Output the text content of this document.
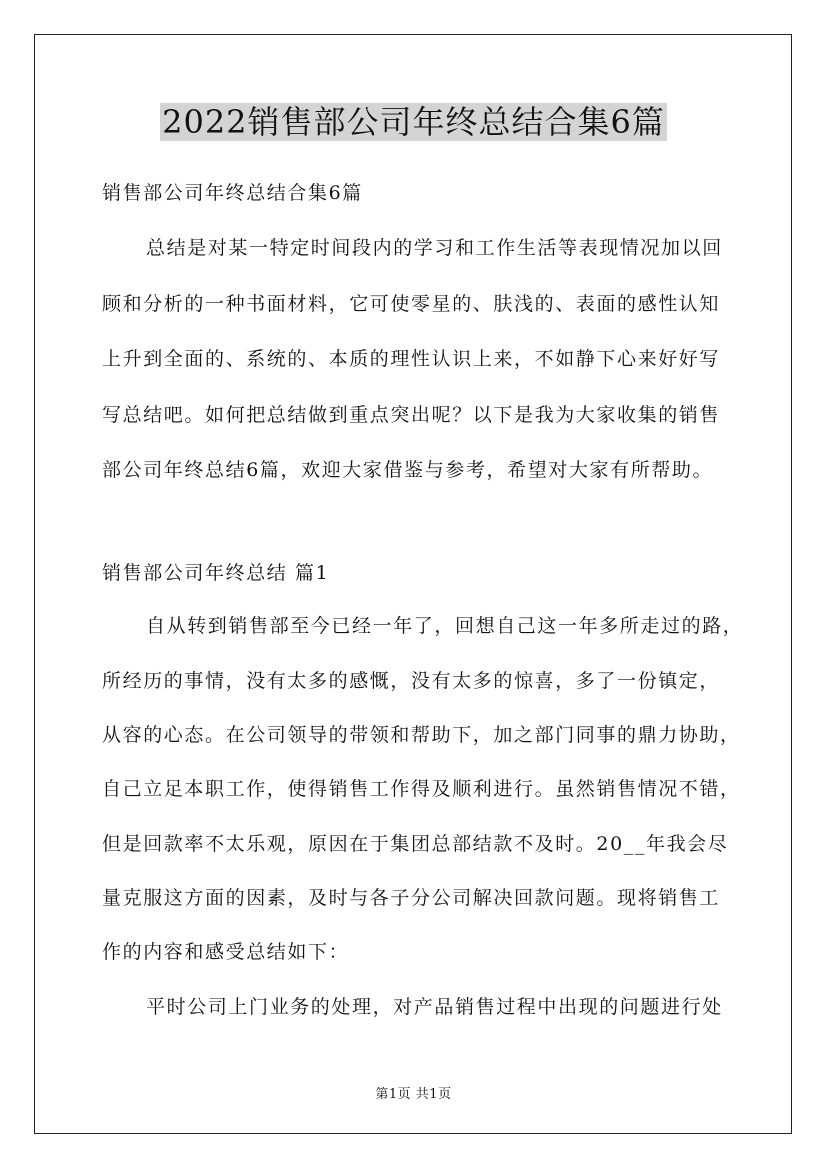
2022销售部公司年终总结合集6篇
销售部公司年终总结合集6篇
总结是对某一特定时间段内的学习和工作生活等表现情况加以回
顾和分析的一种书面材料，它可使零星的、肤浅的、表面的感性认知
上升到全面的、系统的、本质的理性认识上来，不如静下心来好好写
写总结吧。如何把总结做到重点突出呢？以下是我为大家收集的销售
部公司年终总结6篇，欢迎大家借鉴与参考，希望对大家有所帮助。
销售部公司年终总结 篇1
自从转到销售部至今已经一年了，回想自己这一年多所走过的路，
所经历的事情，没有太多的感慨，没有太多的惊喜，多了一份镇定，
从容的心态。在公司领导的带领和帮助下，加之部门同事的鼎力协助，
自己立足本职工作，使得销售工作得及顺利进行。虽然销售情况不错，
但是回款率不太乐观，原因在于集团总部结款不及时。20__年我会尽
量克服这方面的因素，及时与各子分公司解决回款问题。现将销售工
作的内容和感受总结如下：
平时公司上门业务的处理，对产品销售过程中出现的问题进行处
第1页 共1页
